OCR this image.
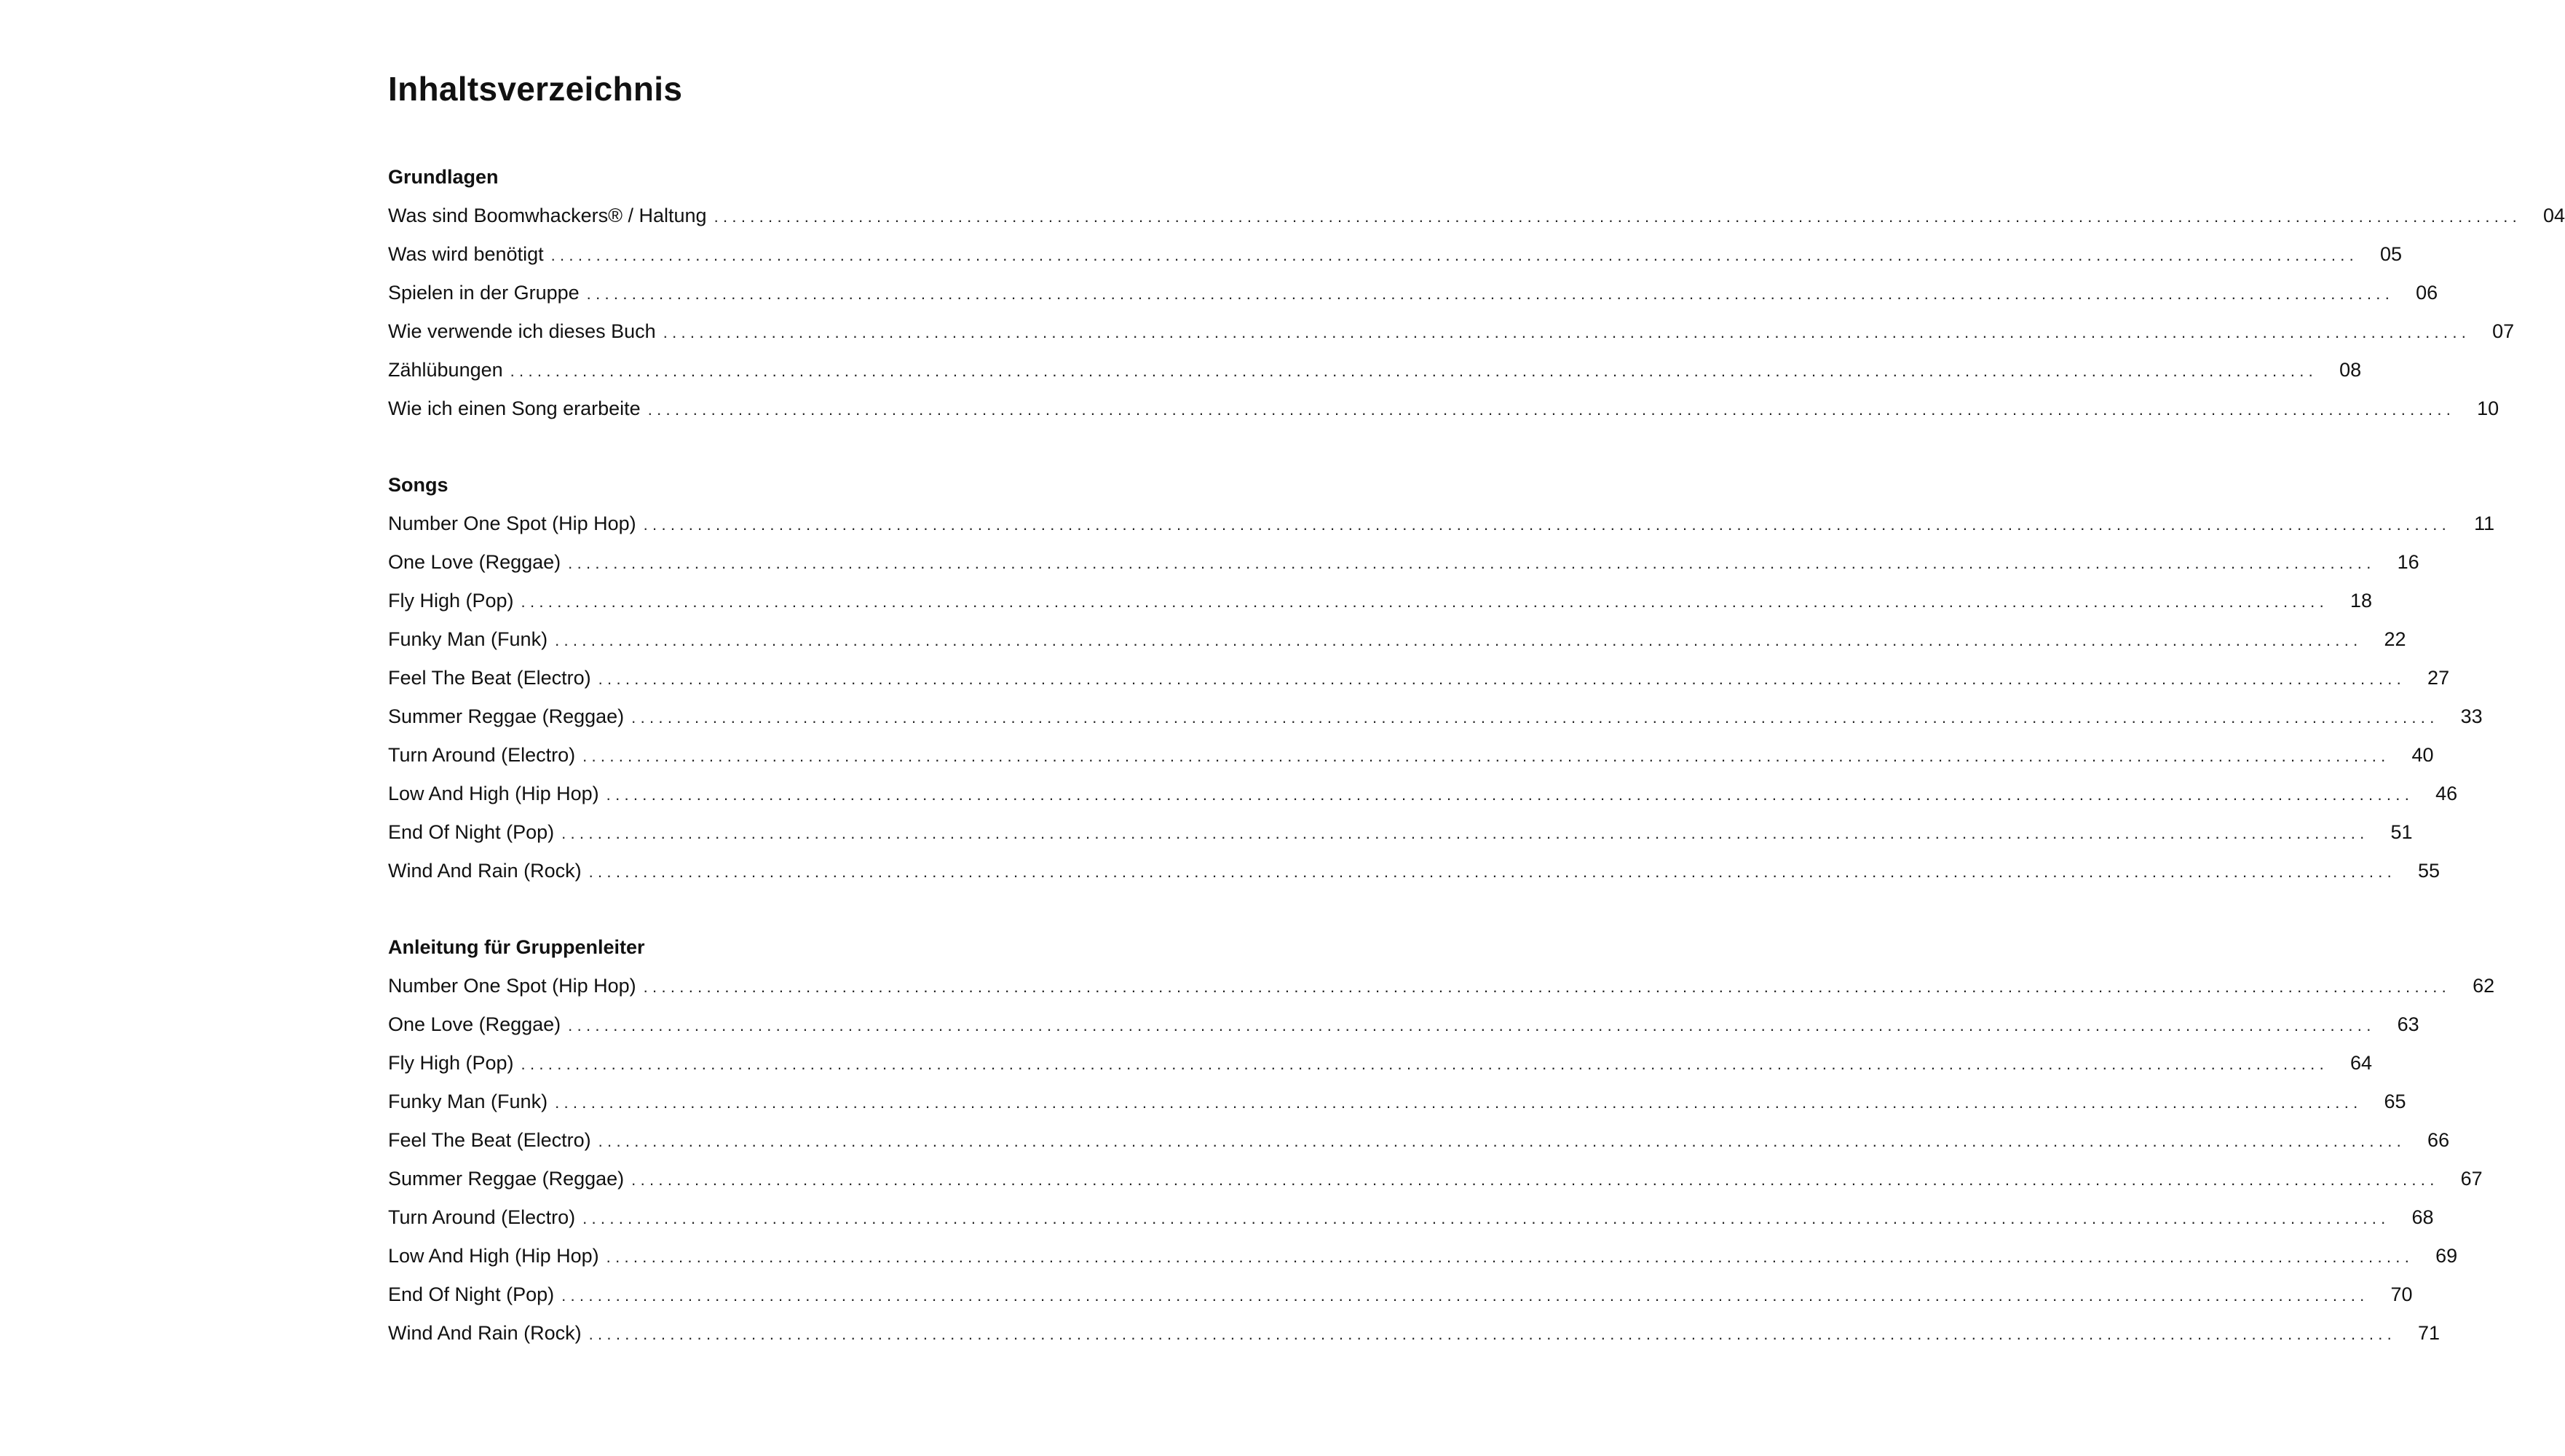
Inhaltsverzeichnis
Grundlagen
Was sind Boomwhackers® / Haltung ........................................................................................................................................................................................................	04
Was wird benötigt ........................................................................................................................................................................................................	05
Spielen in der Gruppe ........................................................................................................................................................................................................	06
Wie verwende ich dieses Buch ........................................................................................................................................................................................................	07
Zählübungen ........................................................................................................................................................................................................	08
Wie ich einen Song erarbeite ........................................................................................................................................................................................................	10
Songs
Number One Spot (Hip Hop) ........................................................................................................................................................................................................	11
One Love (Reggae) ........................................................................................................................................................................................................	16
Fly High (Pop) ........................................................................................................................................................................................................	18
Funky Man (Funk) ........................................................................................................................................................................................................	22
Feel The Beat (Electro) ........................................................................................................................................................................................................	27
Summer Reggae (Reggae) ........................................................................................................................................................................................................	33
Turn Around (Electro) ........................................................................................................................................................................................................	40
Low And High (Hip Hop) ........................................................................................................................................................................................................	46
End Of Night (Pop) ........................................................................................................................................................................................................	51
Wind And Rain (Rock) ........................................................................................................................................................................................................	55
Anleitung für Gruppenleiter
Number One Spot (Hip Hop) ........................................................................................................................................................................................................	62
One Love (Reggae) ........................................................................................................................................................................................................	63
Fly High (Pop) ........................................................................................................................................................................................................	64
Funky Man (Funk) ........................................................................................................................................................................................................	65
Feel The Beat (Electro) ........................................................................................................................................................................................................	66
Summer Reggae (Reggae) ........................................................................................................................................................................................................	67
Turn Around (Electro) ........................................................................................................................................................................................................	68
Low And High (Hip Hop) ........................................................................................................................................................................................................	69
End Of Night (Pop) ........................................................................................................................................................................................................	70
Wind And Rain (Rock) ........................................................................................................................................................................................................	71
